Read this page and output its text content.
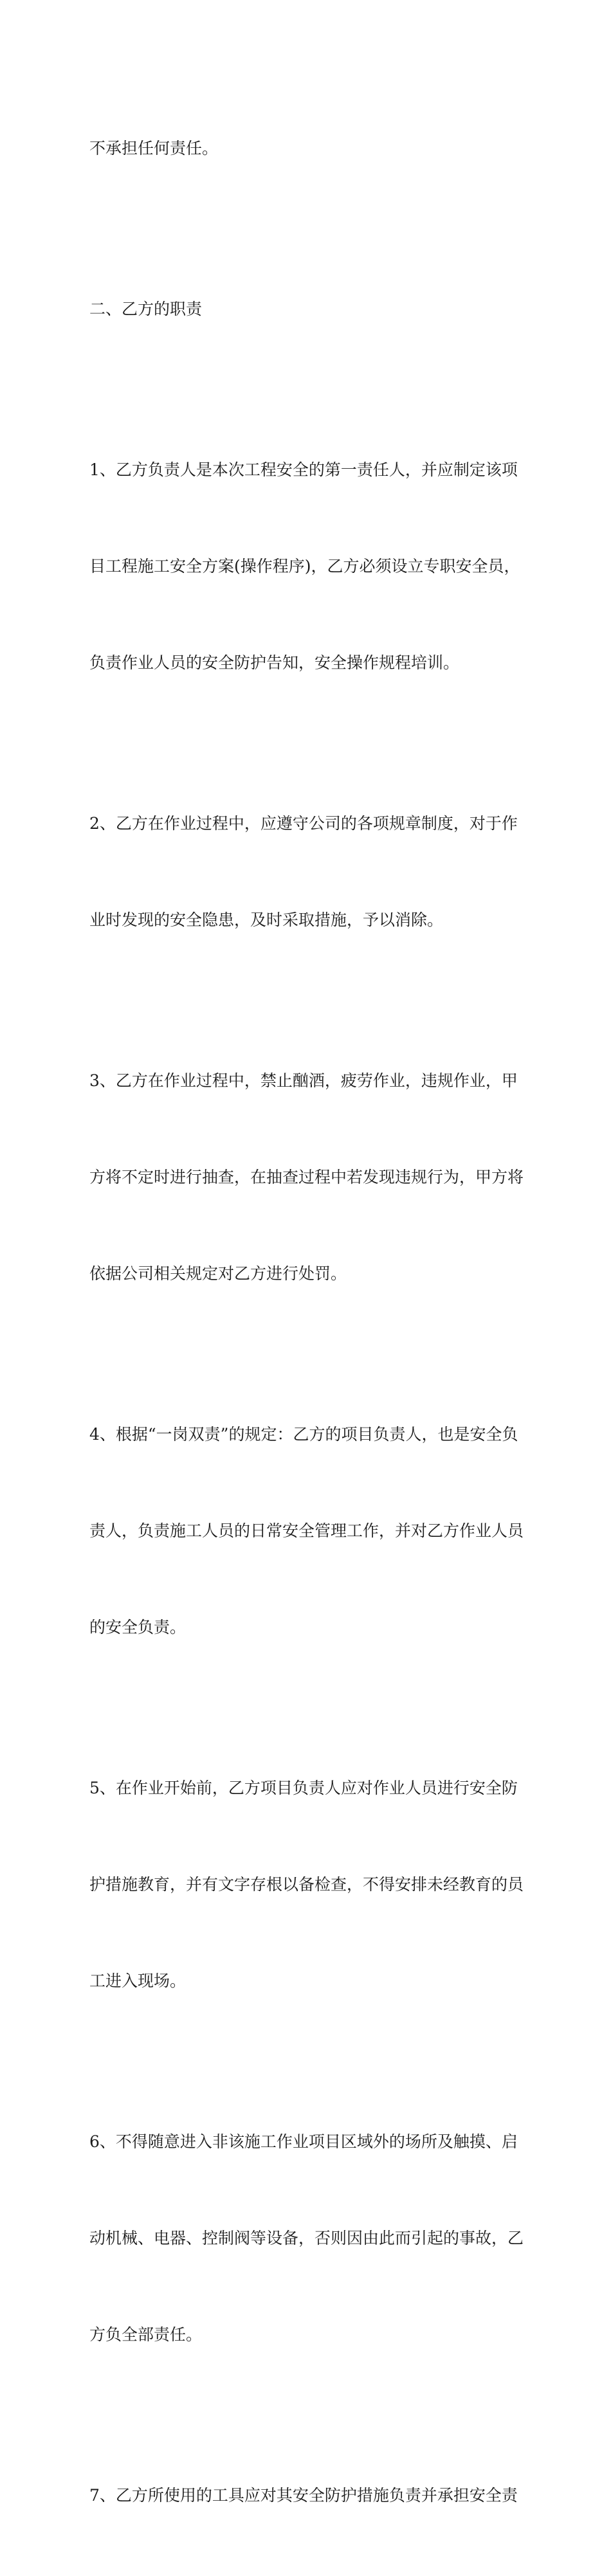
不承担任何责任。

二、乙方的职责

1、乙方负责人是本次工程安全的第一责任人，并应制定该项

目工程施工安全方案(操作程序)，乙方必须设立专职安全员，

负责作业人员的安全防护告知，安全操作规程培训。

2、乙方在作业过程中，应遵守公司的各项规章制度，对于作

业时发现的安全隐患，及时采取措施，予以消除。

3、乙方在作业过程中，禁止酗酒，疲劳作业，违规作业，甲

方将不定时进行抽查，在抽查过程中若发现违规行为，甲方将

依据公司相关规定对乙方进行处罚。

4、根据“一岗双责”的规定：乙方的项目负责人，也是安全负

责人，负责施工人员的日常安全管理工作，并对乙方作业人员

的安全负责。

5、在作业开始前，乙方项目负责人应对作业人员进行安全防

护措施教育，并有文字存根以备检查，不得安排未经教育的员

工进入现场。

6、不得随意进入非该施工作业项目区域外的场所及触摸、启

动机械、电器、控制阀等设备，否则因由此而引起的事故，乙

方负全部责任。

7、乙方所使用的工具应对其安全防护措施负责并承担安全责
